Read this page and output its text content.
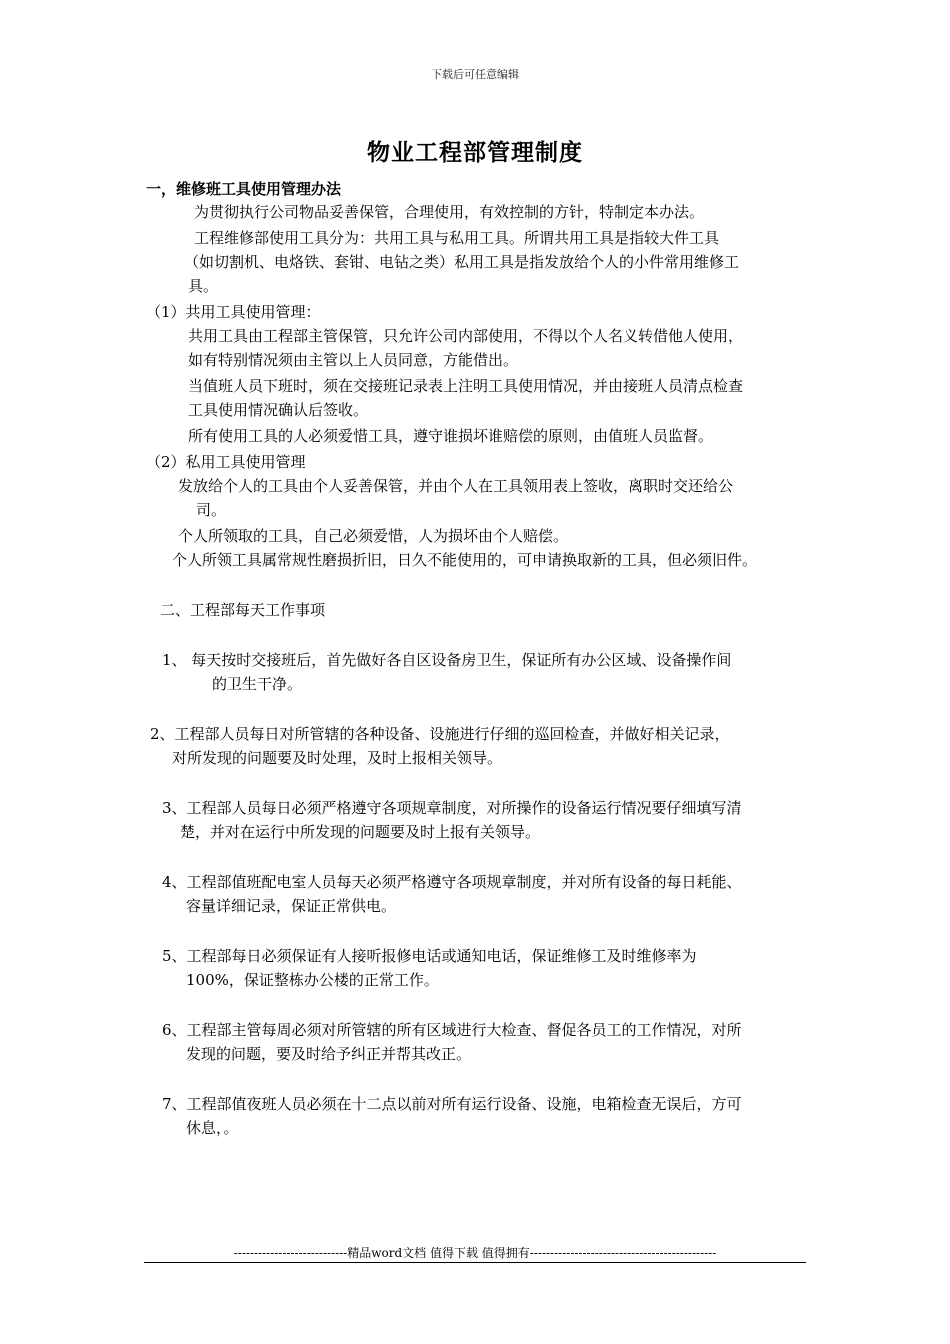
下载后可任意编辑
物业工程部管理制度
一，维修班工具使用管理办法
为贯彻执行公司物品妥善保管，合理使用，有效控制的方针，特制定本办法。
工程维修部使用工具分为：共用工具与私用工具。所谓共用工具是指较大件工具
（如切割机、电烙铁、套钳、电钻之类）私用工具是指发放给个人的小件常用维修工
具。
（1）共用工具使用管理：
共用工具由工程部主管保管，只允许公司内部使用，不得以个人名义转借他人使用，
如有特别情况须由主管以上人员同意，方能借出。
当值班人员下班时，须在交接班记录表上注明工具使用情况，并由接班人员清点检查
工具使用情况确认后签收。
所有使用工具的人必须爱惜工具，遵守谁损坏谁赔偿的原则，由值班人员监督。
（2）私用工具使用管理
发放给个人的工具由个人妥善保管，并由个人在工具领用表上签收，离职时交还给公
司。
个人所领取的工具，自己必须爱惜，人为损坏由个人赔偿。
个人所领工具属常规性磨损折旧，日久不能使用的，可申请换取新的工具，但必须旧件。
二、工程部每天工作事项
1、 每天按时交接班后，首先做好各自区设备房卫生，保证所有办公区域、设备操作间
的卫生干净。
2、工程部人员每日对所管辖的各种设备、设施进行仔细的巡回检查，并做好相关记录，
对所发现的问题要及时处理，及时上报相关领导。
3、工程部人员每日必须严格遵守各项规章制度，对所操作的设备运行情况要仔细填写清
楚，并对在运行中所发现的问题要及时上报有关领导。
4、工程部值班配电室人员每天必须严格遵守各项规章制度，并对所有设备的每日耗能、
容量详细记录，保证正常供电。
5、工程部每日必须保证有人接听报修电话或通知电话，保证维修工及时维修率为
100%，保证整栋办公楼的正常工作。
6、工程部主管每周必须对所管辖的所有区域进行大检查、督促各员工的工作情况，对所
发现的问题，要及时给予纠正并帮其改正。
7、工程部值夜班人员必须在十二点以前对所有运行设备、设施，电箱检查无误后，方可
休息，。
----------------------------精品word文档 值得下载 值得拥有----------------------------------------------
